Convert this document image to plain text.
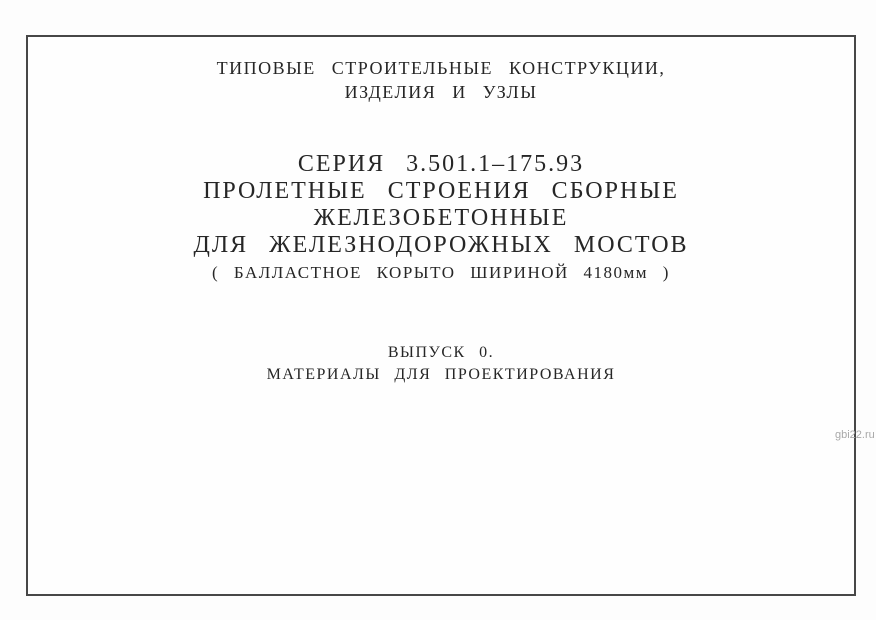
ТИПОВЫЕ СТРОИТЕЛЬНЫЕ КОНСТРУКЦИИ,
ИЗДЕЛИЯ И УЗЛЫ
СЕРИЯ 3.501.1–175.93
ПРОЛЕТНЫЕ СТРОЕНИЯ СБОРНЫЕ
ЖЕЛЕЗОБЕТОННЫЕ
ДЛЯ ЖЕЛЕЗНОДОРОЖНЫХ МОСТОВ
( БАЛЛАСТНОЕ КОРЫТО ШИРИНОЙ 4180мм )
ВЫПУСК 0.
МАТЕРИАЛЫ ДЛЯ ПРОЕКТИРОВАНИЯ
gbi22.ru
